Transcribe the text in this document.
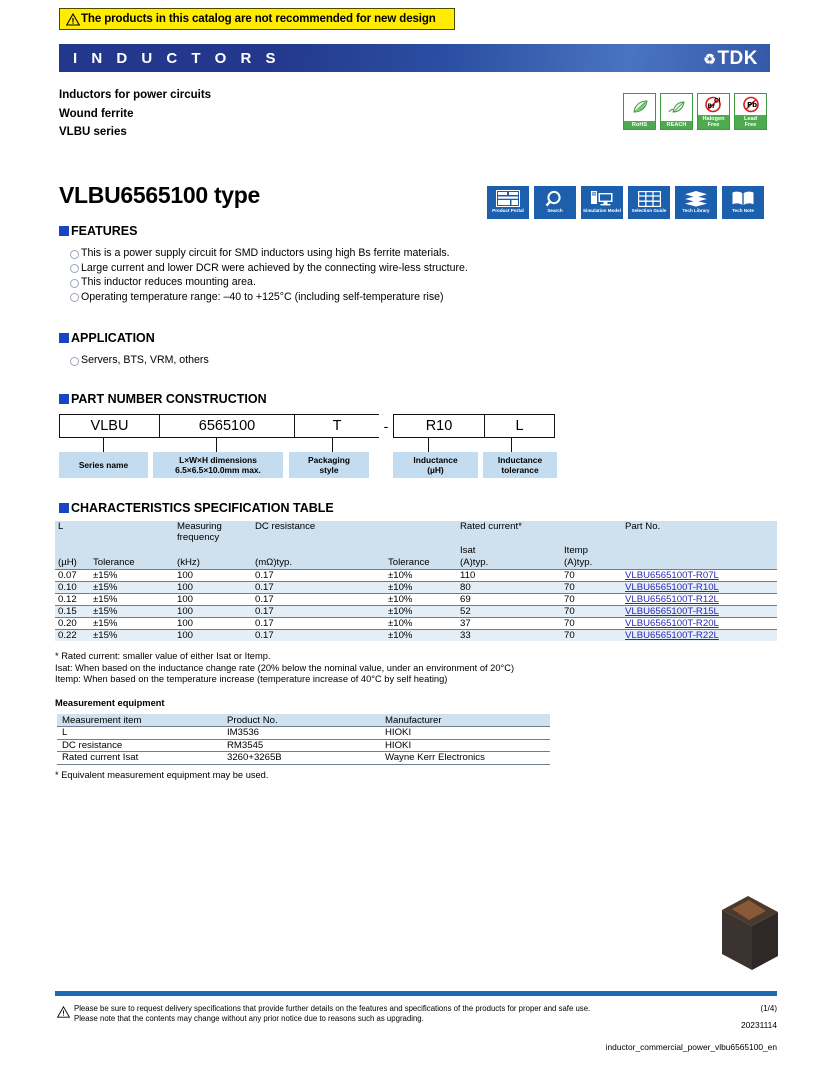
The products in this catalog are not recommended for new design
I N D U C T O R S	♻ TDK
Inductors for power circuits
Wound ferrite
VLBU series
RoHS	REACH
Br
Cl
Halogen
Free
Pb
Lead
Free
VLBU6565100 type
Product Portal	Search	Simulation Model	Selection Guide	Tech Library	Tech Note
FEATURES
This is a power supply circuit for SMD inductors using high Bs ferrite materials.
Large current and lower DCR were achieved by the connecting wire-less structure.
This inductor reduces mounting area.
Operating temperature range: –40 to +125°C (including self-temperature rise)
APPLICATION
Servers, BTS, VRM, others
PART NUMBER CONSTRUCTION
VLBU	6565100	T	-	R10	L
Series name	L×W×H dimensions
6.5×6.5×10.0mm max.
Packaging
style
Inductance
(µH)
Inductance
tolerance
CHARACTERISTICS SPECIFICATION TABLE
L		Measuring
frequency	DC resistance		Rated current*		Part No.
					Isat	Itemp	
(µH)	Tolerance	(kHz)	(mΩ)typ.	Tolerance	(A)typ.	(A)typ.	
0.07	±15%	100	0.17	±10%	110	70	VLBU6565100T-R07L
0.10	±15%	100	0.17	±10%	80	70	VLBU6565100T-R10L
0.12	±15%	100	0.17	±10%	69	70	VLBU6565100T-R12L
0.15	±15%	100	0.17	±10%	52	70	VLBU6565100T-R15L
0.20	±15%	100	0.17	±10%	37	70	VLBU6565100T-R20L
0.22	±15%	100	0.17	±10%	33	70	VLBU6565100T-R22L
* Rated current: smaller value of either Isat or Itemp.
Isat: When based on the inductance change rate (20% below the nominal value, under an environment of 20°C)
Itemp: When based on the temperature increase (temperature increase of 40°C by self heating)
Measurement equipment
Measurement item	Product No.	Manufacturer
L	IM3536	HIOKI
DC resistance	RM3545	HIOKI
Rated current Isat	3260+3265B	Wayne Kerr Electronics
* Equivalent measurement equipment may be used.
Please be sure to request delivery specifications that provide further details on the features and specifications of the products for proper and safe use.
Please note that the contents may change without any prior notice due to reasons such as upgrading.
(1/4)
20231114
inductor_commercial_power_vlbu6565100_en
